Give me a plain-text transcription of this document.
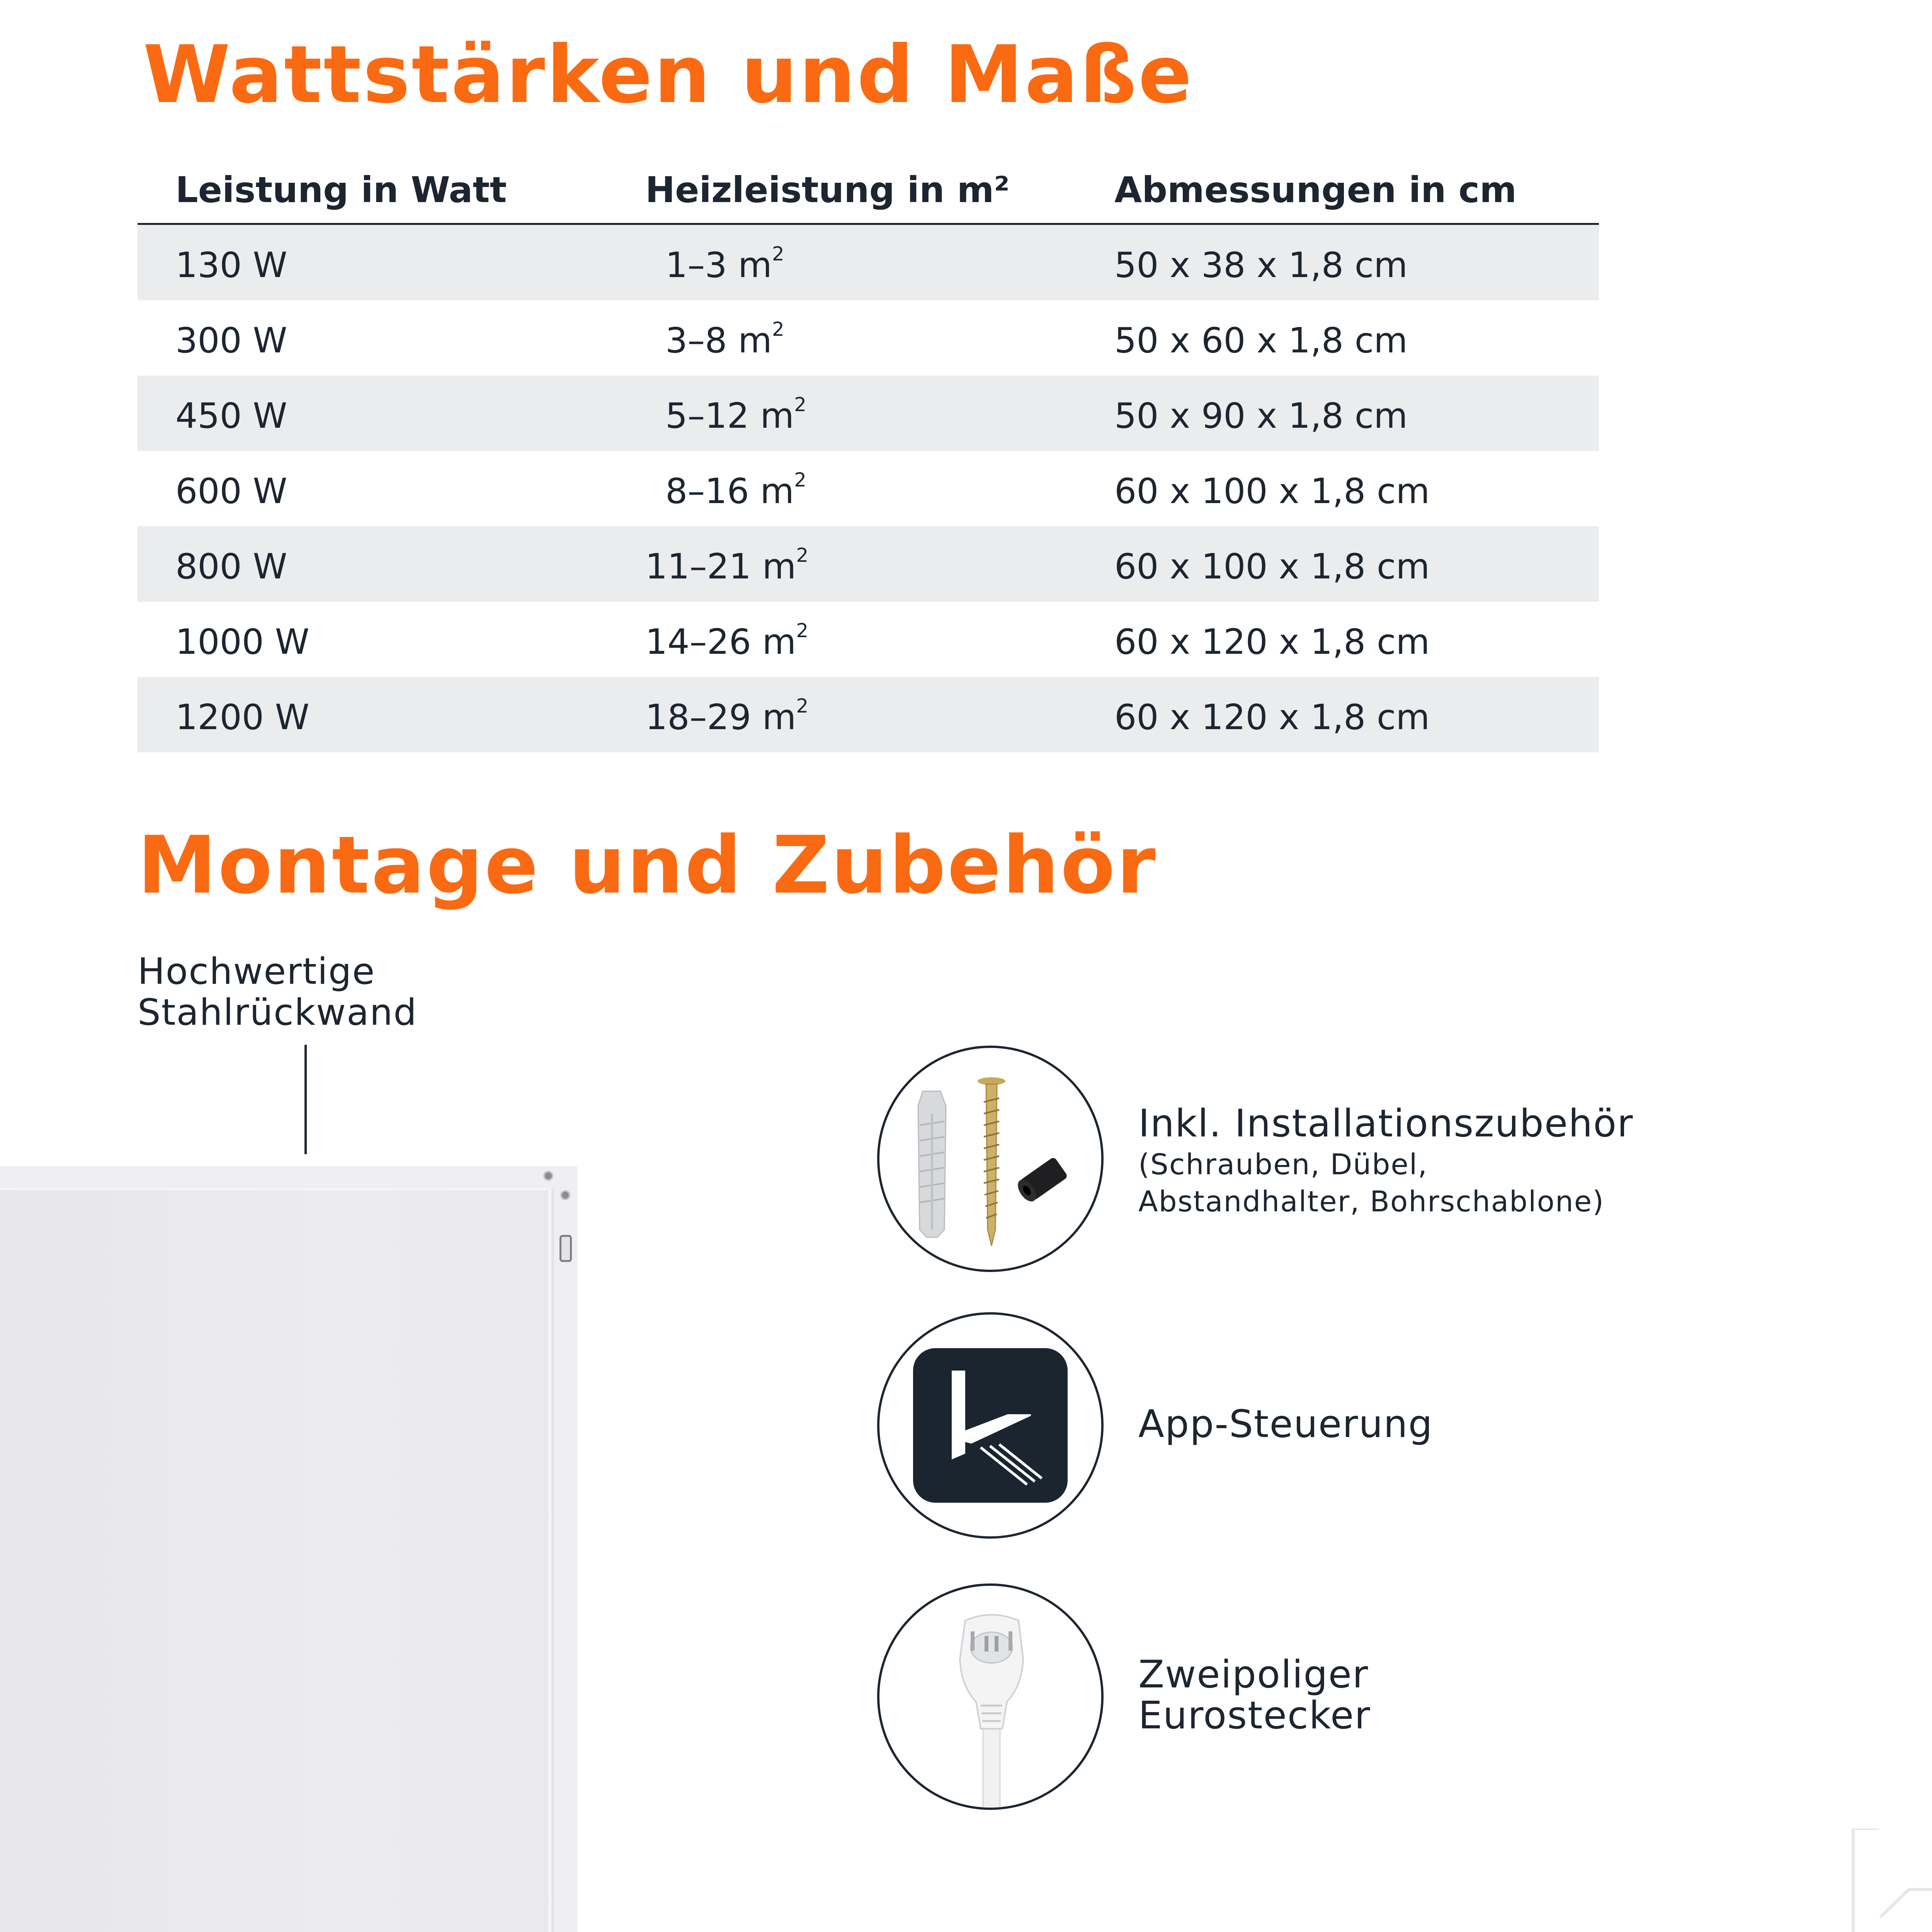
Wattstärken und Maße
Leistung in Watt	Heizleistung in m²	Abmessungen in cm
130 W	1–3 $m^2$	50 x 38 x 1,8 cm
300 W	3–8 $m^2$	50 x 60 x 1,8 cm
450 W	5–12 $m^2$	50 x 90 x 1,8 cm
600 W	8–16 $m^2$	60 x 100 x 1,8 cm
800 W	11–21 $m^2$	60 x 100 x 1,8 cm
1000 W	14–26 $m^2$	60 x 120 x 1,8 cm
1200 W	18–29 $m^2$	60 x 120 x 1,8 cm
Montage und Zubehör
Hochwertige
Stahlrückwand
Inkl. Installationszubehör
(Schrauben, Dübel,
Abstandhalter, Bohrschablone)
App-Steuerung
Zweipoliger
Eurostecker
